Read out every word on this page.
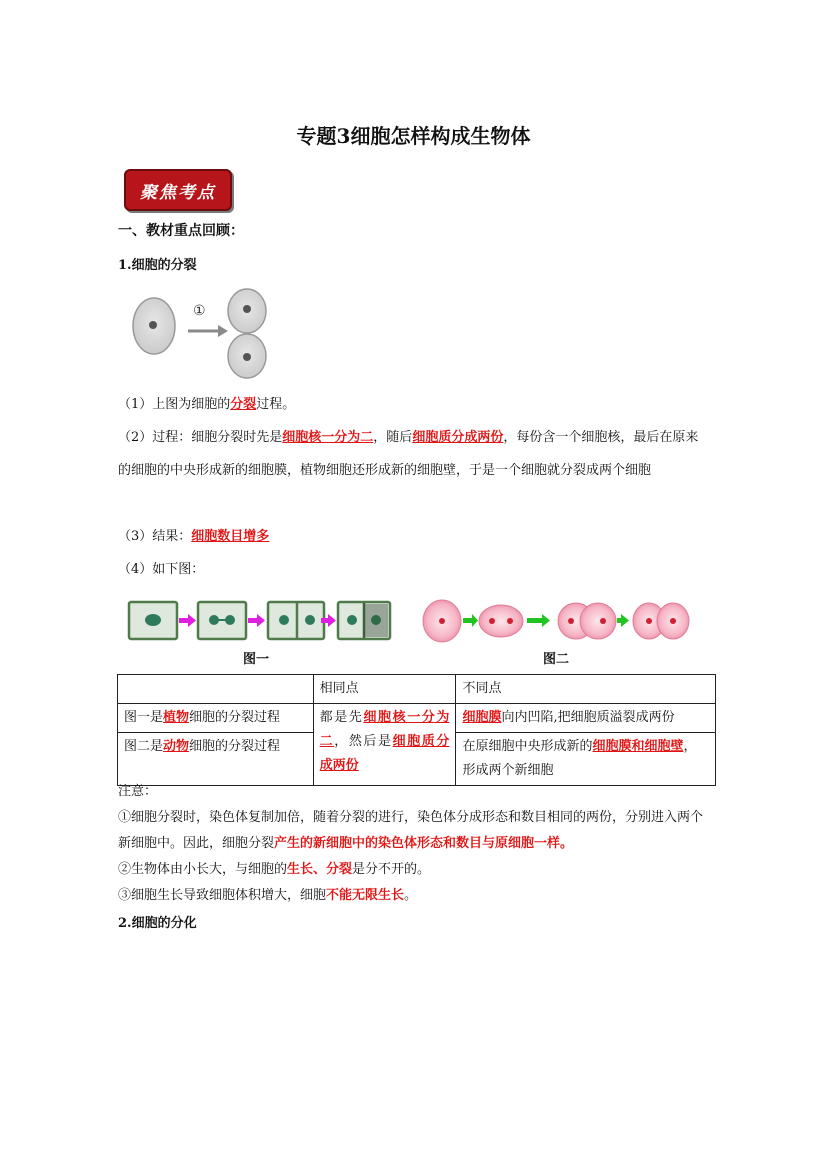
专题3细胞怎样构成生物体
聚焦考点
一、教材重点回顾：
1.细胞的分裂
①
（1）上图为细胞的分裂过程。
（2）过程：细胞分裂时先是细胞核一分为二，随后细胞质分成两份，每份含一个细胞核，最后在原来的细胞的中央形成新的细胞膜，植物细胞还形成新的细胞壁，于是一个细胞就分裂成两个细胞
（3）结果：细胞数目增多
（4）如下图：
图一	图二
	相同点	不同点
图一是植物细胞的分裂过程	都是先细胞核一分为二，然后是细胞质分成两份	细胞膜向内凹陷,把细胞质溢裂成两份
图二是动物细胞的分裂过程		在原细胞中央形成新的细胞膜和细胞壁，形成两个新细胞
注意：
①细胞分裂时，染色体复制加倍，随着分裂的进行，染色体分成形态和数目相同的两份，分别进入两个新细胞中。因此，细胞分裂产生的新细胞中的染色体形态和数目与原细胞一样。
②生物体由小长大，与细胞的生长、分裂是分不开的。
③细胞生长导致细胞体积增大，细胞不能无限生长。
2.细胞的分化
